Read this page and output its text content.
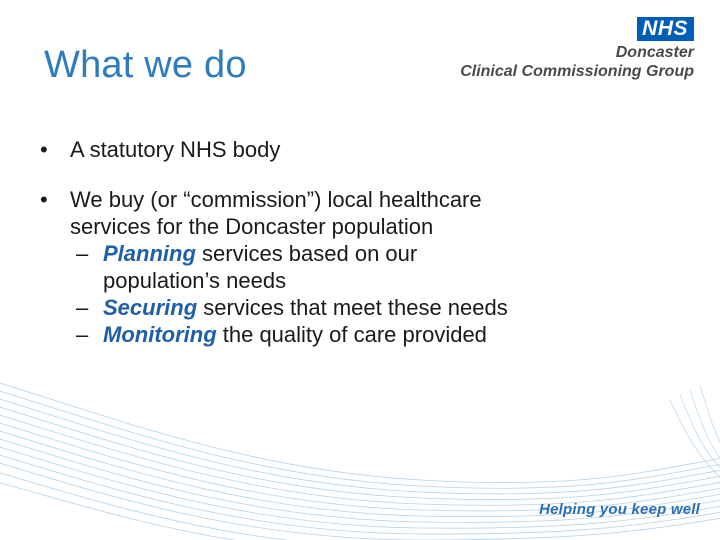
What we do
NHS
Doncaster
Clinical Commissioning Group
• A statutory NHS body
• We buy (or “commission”) local healthcare
services for the Doncaster population
– Planning services based on our
population’s needs
– Securing services that meet these needs
– Monitoring the quality of care provided
Helping you keep well
